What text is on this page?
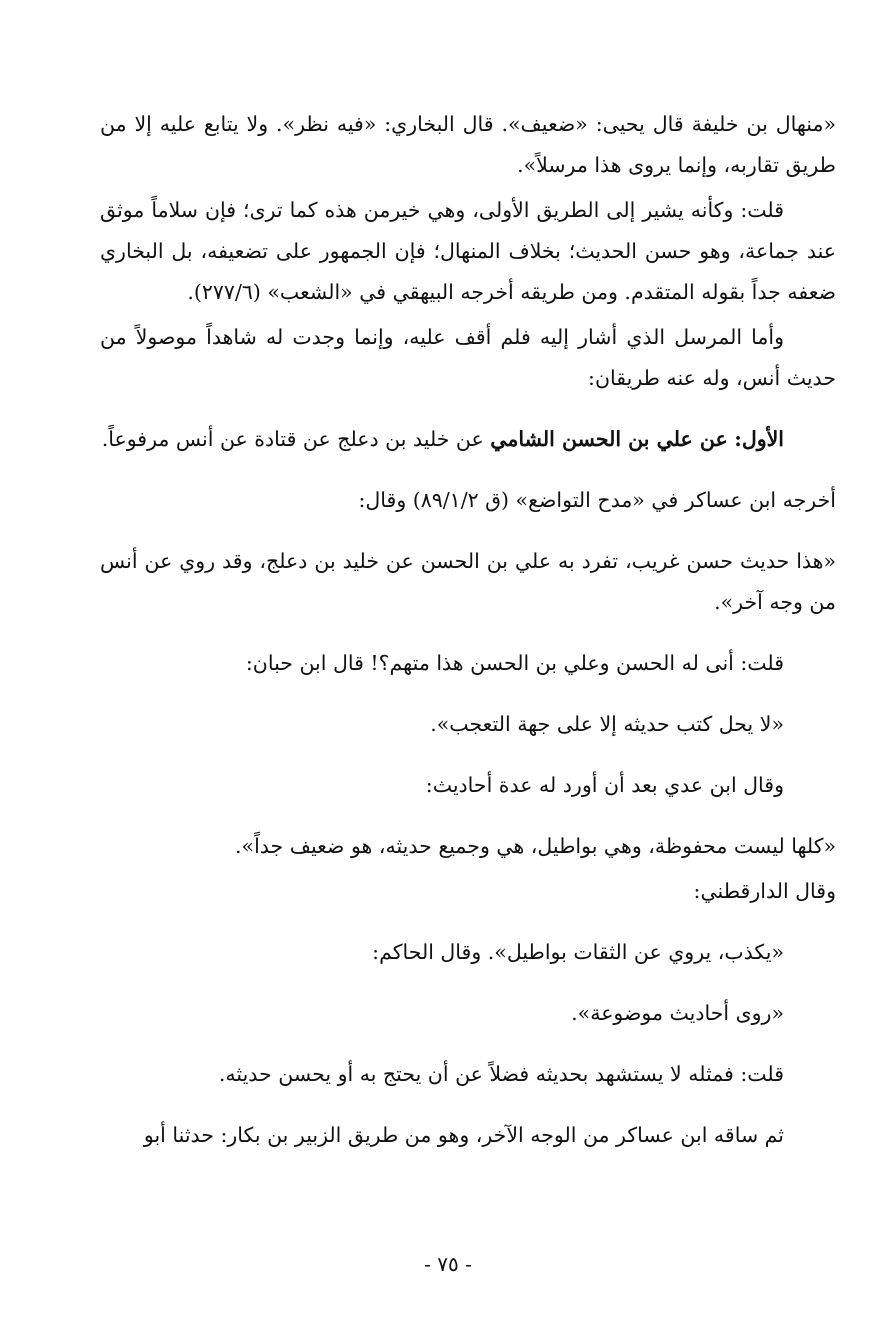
«منهال بن خليفة قال يحيى: «ضعيف». قال البخاري: «فيه نظر». ولا يتابع عليه إلا من طريق تقاربه، وإنما يروى هذا مرسلاً».

قلت: وكأنه يشير إلى الطريق الأولى، وهي خيرمن هذه كما ترى؛ فإن سلاماً موثق عند جماعة، وهو حسن الحديث؛ بخلاف المنهال؛ فإن الجمهور على تضعيفه، بل البخاري ضعفه جداً بقوله المتقدم. ومن طريقه أخرجه البيهقي في «الشعب» (٢٧٧/٦).

وأما المرسل الذي أشار إليه فلم أقف عليه، وإنما وجدت له شاهداً موصولاً من حديث أنس، وله عنه طريقان:

الأول: عن علي بن الحسن الشامي عن خليد بن دعلج عن قتادة عن أنس مرفوعاً.

أخرجه ابن عساكر في «مدح التواضع» (ق ٨٩/١/٢) وقال:

«هذا حديث حسن غريب، تفرد به علي بن الحسن عن خليد بن دعلج، وقد روي عن أنس من وجه آخر».

قلت: أنى له الحسن وعلي بن الحسن هذا متهم؟! قال ابن حبان:

«لا يحل كتب حديثه إلا على جهة التعجب».

وقال ابن عدي بعد أن أورد له عدة أحاديث:

«كلها ليست محفوظة، وهي بواطيل، هي وجميع حديثه، هو ضعيف جداً».

وقال الدارقطني:

«يكذب، يروي عن الثقات بواطيل». وقال الحاكم:

«روى أحاديث موضوعة».

قلت: فمثله لا يستشهد بحديثه فضلاً عن أن يحتج به أو يحسن حديثه.

ثم ساقه ابن عساكر من الوجه الآخر، وهو من طريق الزبير بن بكار: حدثنا أبو

- ٧٥ -
